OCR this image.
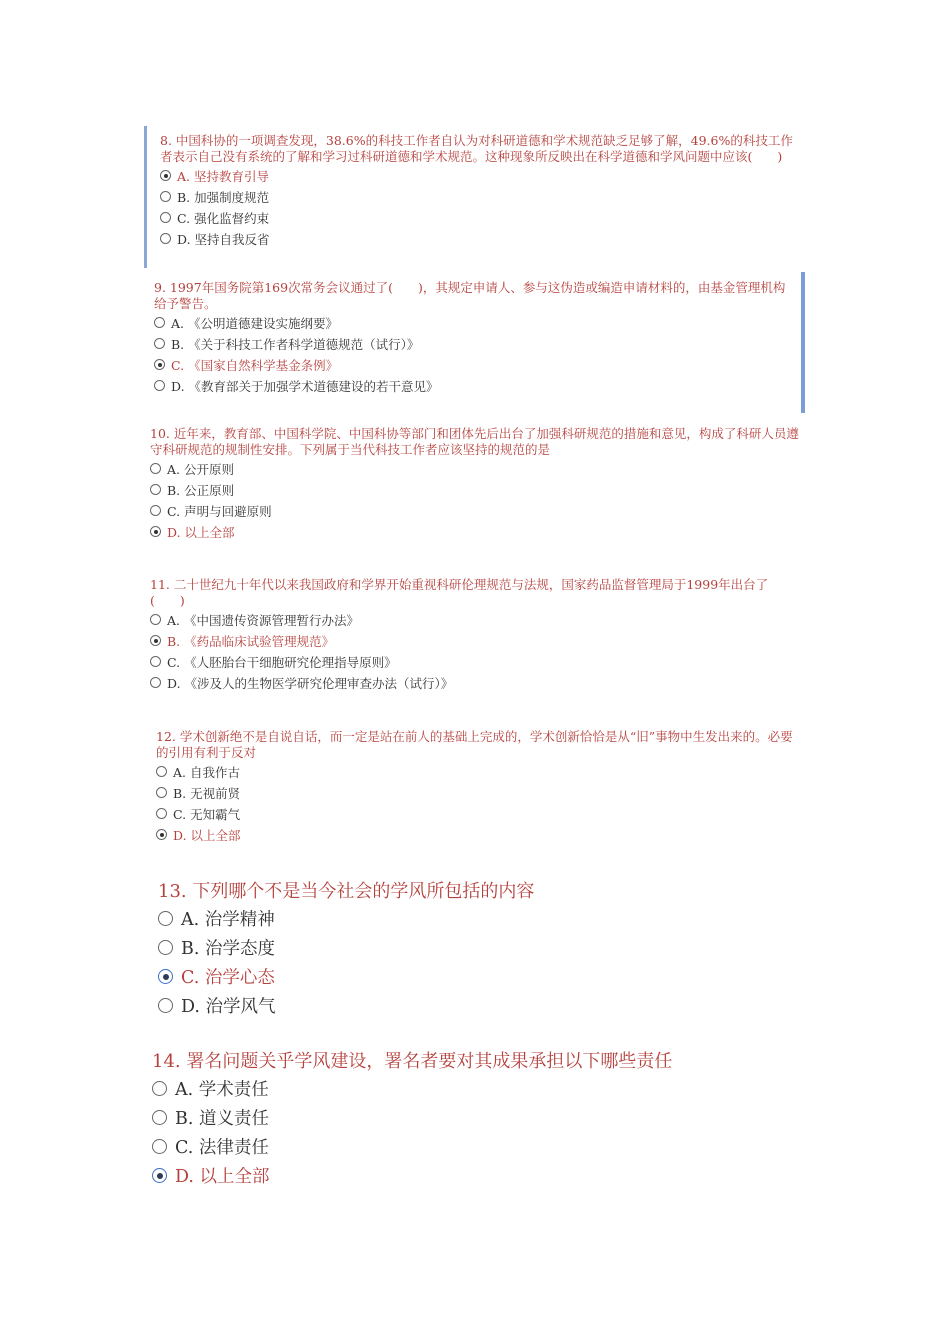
8. 中国科协的一项调查发现，38.6%的科技工作者自认为对科研道德和学术规范缺乏足够了解，49.6%的科技工作者表示自己没有系统的了解和学习过科研道德和学术规范。这种现象所反映出在科学道德和学风问题中应该(　　)

A. 坚持教育引导
B. 加强制度规范
C. 强化监督约束
D. 坚持自我反省

9. 1997年国务院第169次常务会议通过了(　　)，其规定申请人、参与这伪造或编造申请材料的，由基金管理机构给予警告。

A. 《公明道德建设实施纲要》
B. 《关于科技工作者科学道德规范（试行）》
C. 《国家自然科学基金条例》
D. 《教育部关于加强学术道德建设的若干意见》

10. 近年来，教育部、中国科学院、中国科协等部门和团体先后出台了加强科研规范的措施和意见，构成了科研人员遵守科研规范的规制性安排。下列属于当代科技工作者应该坚持的规范的是

A. 公开原则
B. 公正原则
C. 声明与回避原则
D. 以上全部

11. 二十世纪九十年代以来我国政府和学界开始重视科研伦理规范与法规，国家药品监督管理局于1999年出台了(　　)

A. 《中国遗传资源管理暂行办法》
B. 《药品临床试验管理规范》
C. 《人胚胎台干细胞研究伦理指导原则》
D. 《涉及人的生物医学研究伦理审查办法（试行）》

12. 学术创新绝不是自说自话，而一定是站在前人的基础上完成的，学术创新恰恰是从“旧”事物中生发出来的。必要的引用有利于反对

A. 自我作古
B. 无视前贤
C. 无知霸气
D. 以上全部

13. 下列哪个不是当今社会的学风所包括的内容

A. 治学精神
B. 治学态度
C. 治学心态
D. 治学风气

14. 署名问题关乎学风建设，署名者要对其成果承担以下哪些责任

A. 学术责任
B. 道义责任
C. 法律责任
D. 以上全部
